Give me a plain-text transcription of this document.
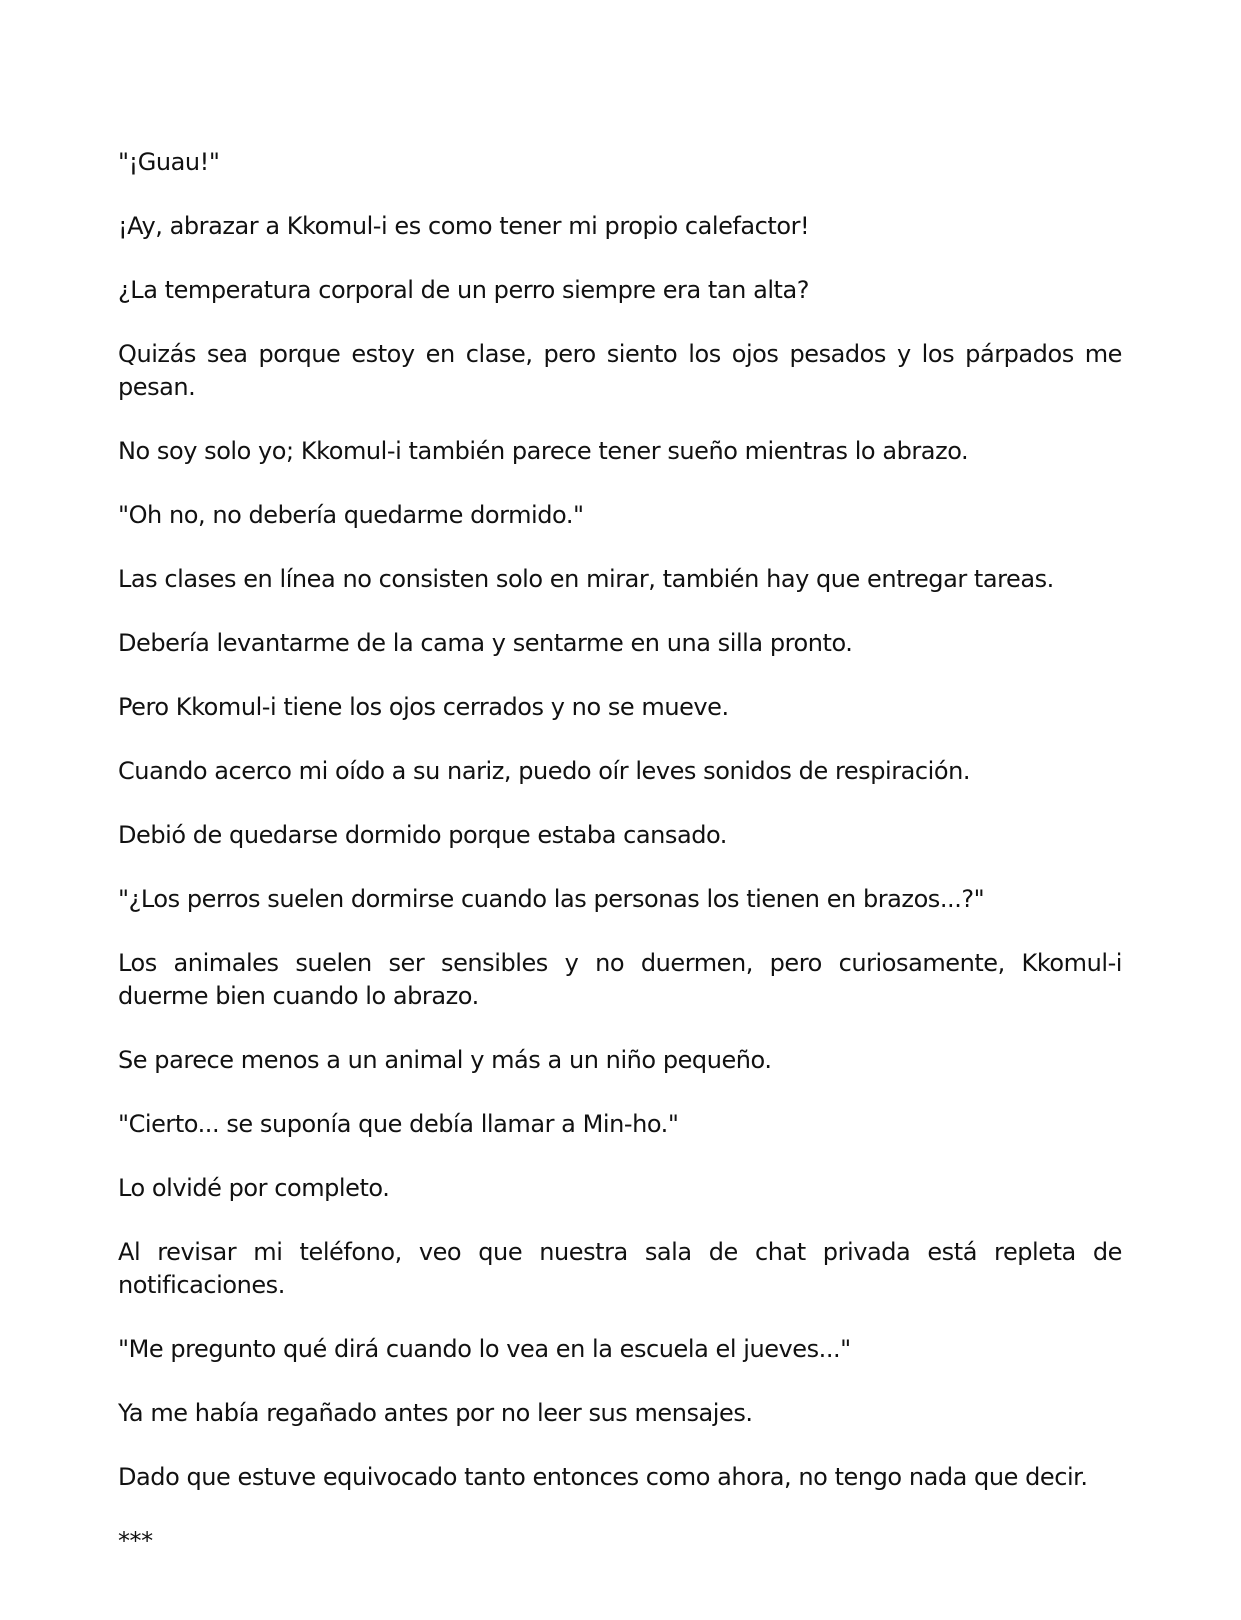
"¡Guau!"

¡Ay, abrazar a Kkomul-i es como tener mi propio calefactor!

¿La temperatura corporal de un perro siempre era tan alta?

Quizás sea porque estoy en clase, pero siento los ojos pesados y los párpados me pesan.

No soy solo yo; Kkomul-i también parece tener sueño mientras lo abrazo.

"Oh no, no debería quedarme dormido."

Las clases en línea no consisten solo en mirar, también hay que entregar tareas.

Debería levantarme de la cama y sentarme en una silla pronto.

Pero Kkomul-i tiene los ojos cerrados y no se mueve.

Cuando acerco mi oído a su nariz, puedo oír leves sonidos de respiración.

Debió de quedarse dormido porque estaba cansado.

"¿Los perros suelen dormirse cuando las personas los tienen en brazos...?"

Los animales suelen ser sensibles y no duermen, pero curiosamente, Kkomul-i duerme bien cuando lo abrazo.

Se parece menos a un animal y más a un niño pequeño.

"Cierto... se suponía que debía llamar a Min-ho."

Lo olvidé por completo.

Al revisar mi teléfono, veo que nuestra sala de chat privada está repleta de notificaciones.

"Me pregunto qué dirá cuando lo vea en la escuela el jueves..."

Ya me había regañado antes por no leer sus mensajes.

Dado que estuve equivocado tanto entonces como ahora, no tengo nada que decir.

***
